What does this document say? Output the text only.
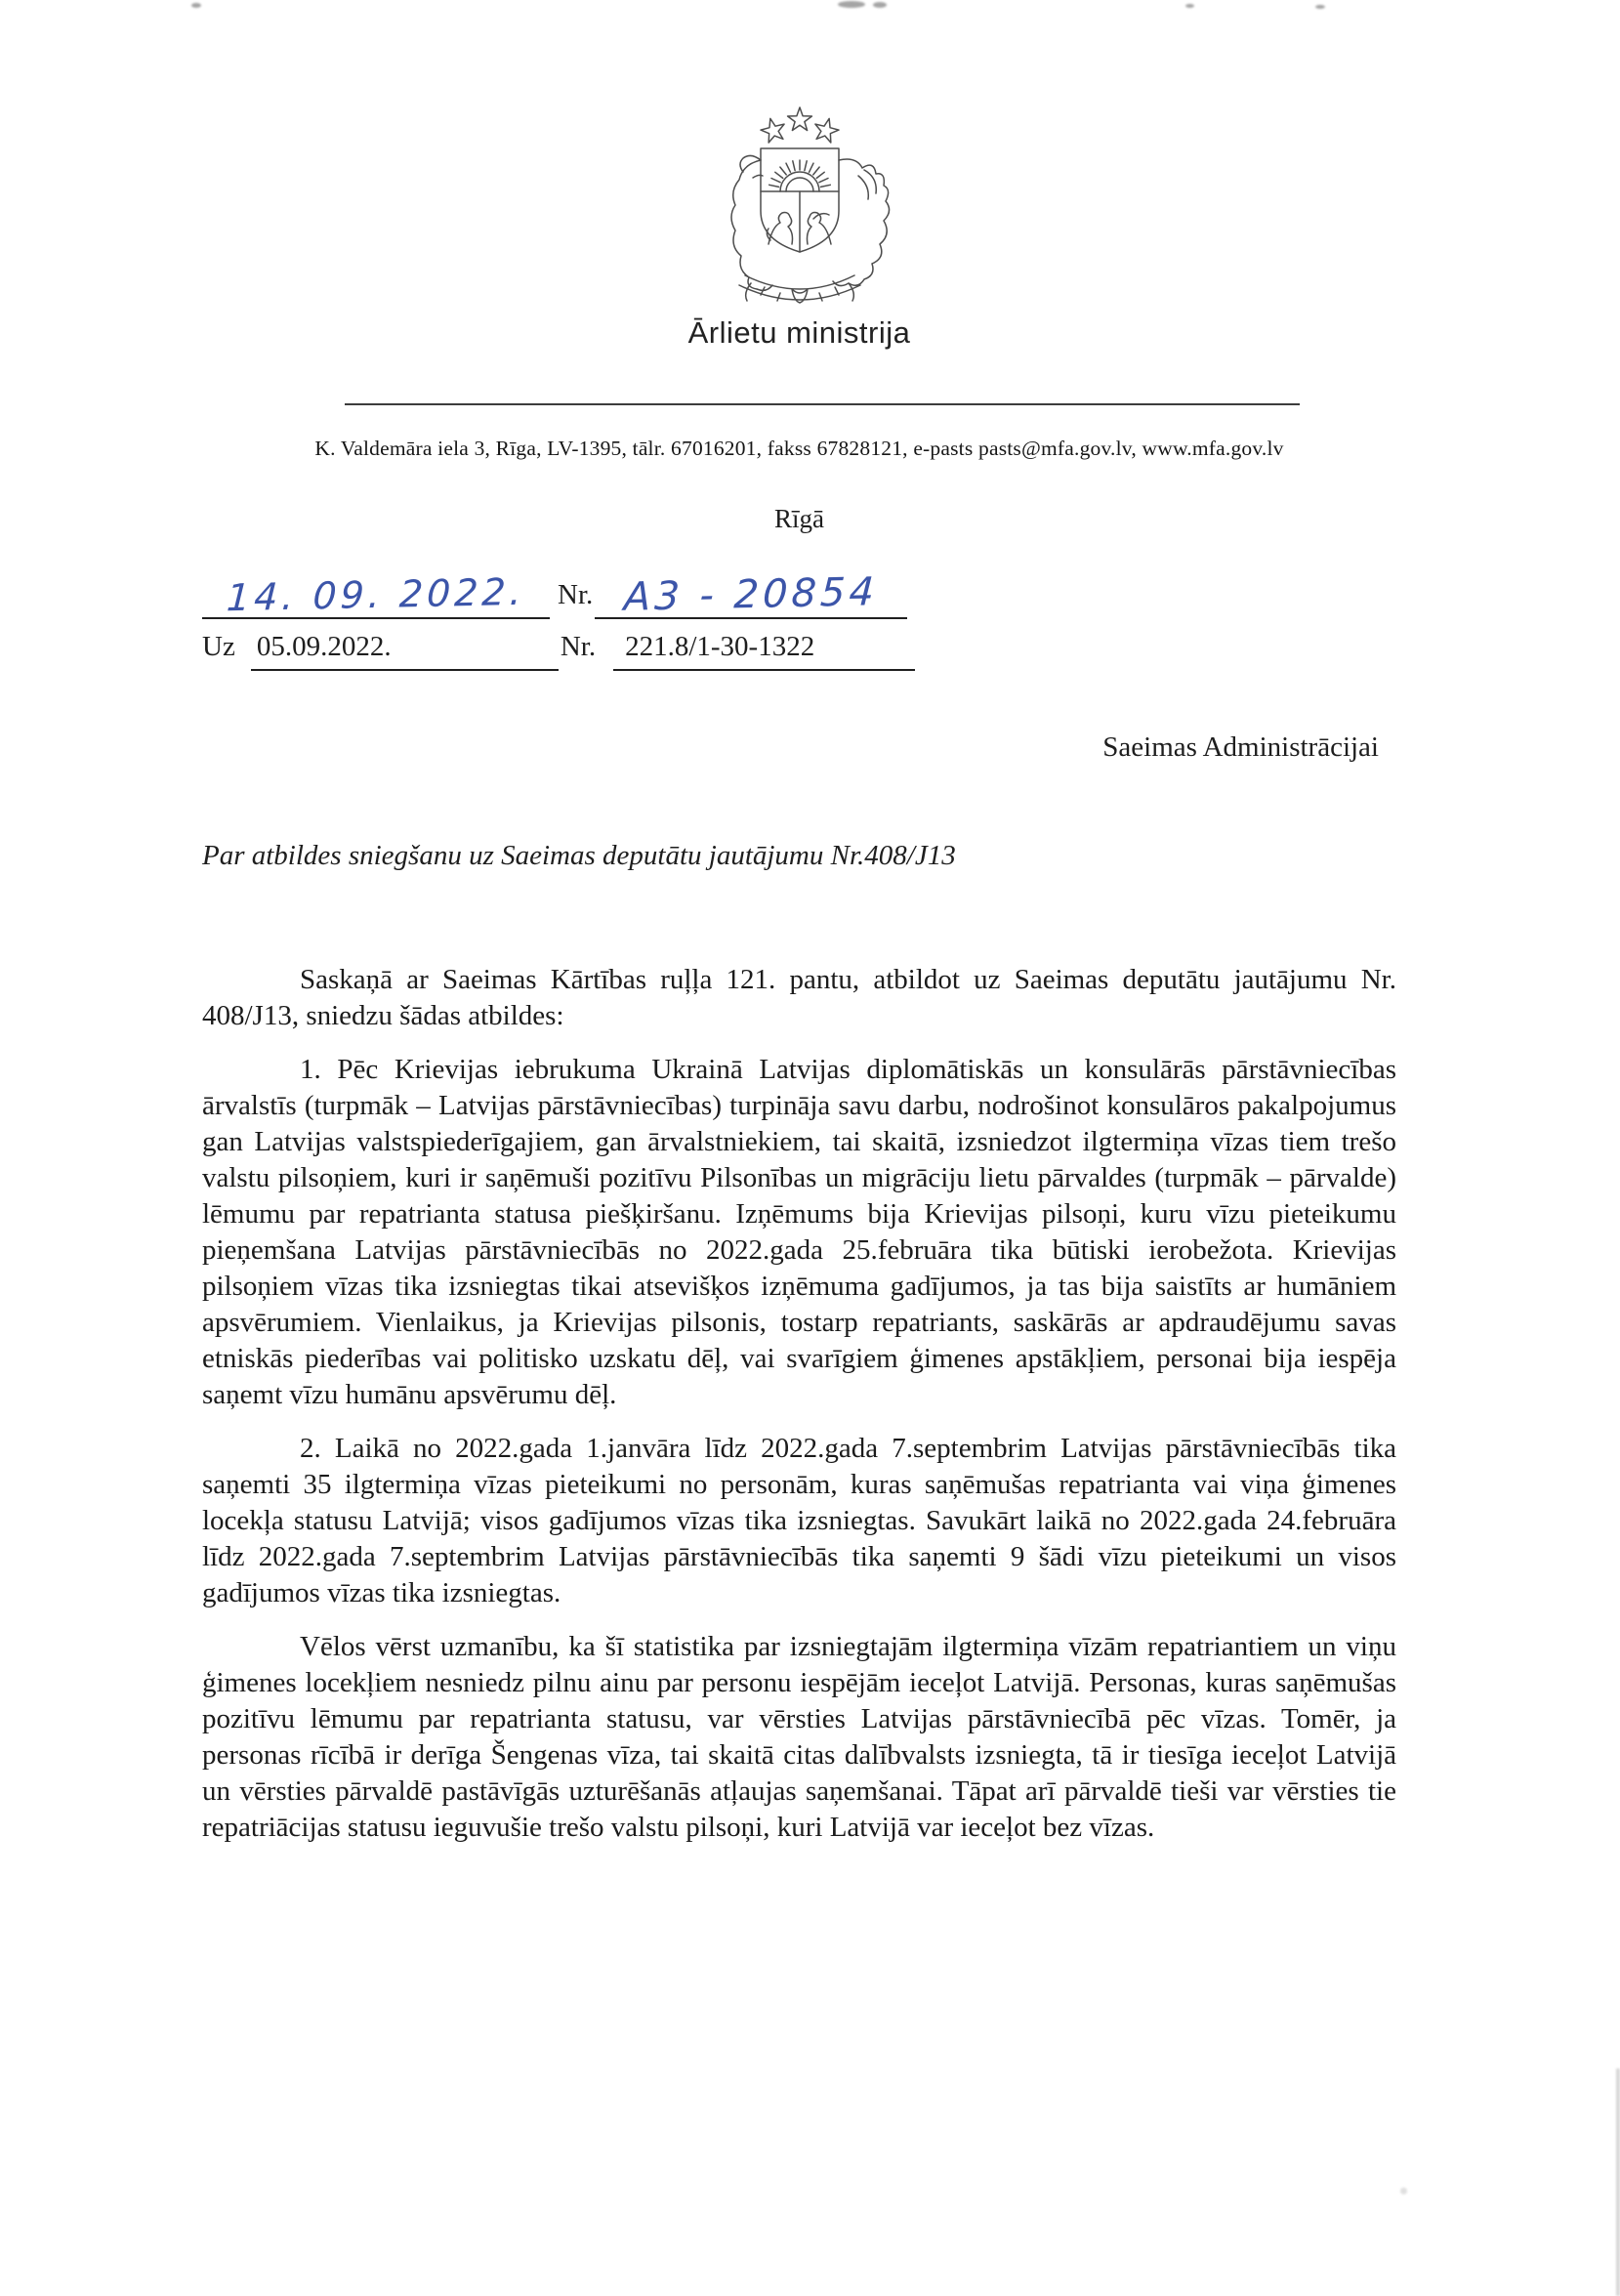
Ārlietu ministrija
K. Valdemāra iela 3, Rīga, LV-1395, tālr. 67016201, fakss 67828121, e-pasts pasts@mfa.gov.lv, www.mfa.gov.lv
Rīgā
14. 09. 2022. Nr. A3 - 20854
Uz 05.09.2022.	Nr. 221.8/1-30-1322
Saeimas Administrācijai
Par atbildes sniegšanu uz Saeimas deputātu jautājumu Nr.408/J13

Saskaņā ar Saeimas Kārtības ruļļa 121. pantu, atbildot uz Saeimas deputātu jautājumu Nr. 408/J13, sniedzu šādas atbildes:

1. Pēc Krievijas iebrukuma Ukrainā Latvijas diplomātiskās un konsulārās pārstāvniecības ārvalstīs (turpmāk – Latvijas pārstāvniecības) turpināja savu darbu, nodrošinot konsulāros pakalpojumus gan Latvijas valstspiederīgajiem, gan ārvalstniekiem, tai skaitā, izsniedzot ilgtermiņa vīzas tiem trešo valstu pilsoņiem, kuri ir saņēmuši pozitīvu Pilsonības un migrāciju lietu pārvaldes (turpmāk – pārvalde) lēmumu par repatrianta statusa piešķiršanu. Izņēmums bija Krievijas pilsoņi, kuru vīzu pieteikumu pieņemšana Latvijas pārstāvniecībās no 2022.gada 25.februāra tika būtiski ierobežota. Krievijas pilsoņiem vīzas tika izsniegtas tikai atsevišķos izņēmuma gadījumos, ja tas bija saistīts ar humāniem apsvērumiem. Vienlaikus, ja Krievijas pilsonis, tostarp repatriants, saskārās ar apdraudējumu savas etniskās piederības vai politisko uzskatu dēļ, vai svarīgiem ģimenes apstākļiem, personai bija iespēja saņemt vīzu humānu apsvērumu dēļ.

2. Laikā no 2022.gada 1.janvāra līdz 2022.gada 7.septembrim Latvijas pārstāvniecībās tika saņemti 35 ilgtermiņa vīzas pieteikumi no personām, kuras saņēmušas repatrianta vai viņa ģimenes locekļa statusu Latvijā; visos gadījumos vīzas tika izsniegtas. Savukārt laikā no 2022.gada 24.februāra līdz 2022.gada 7.septembrim Latvijas pārstāvniecībās tika saņemti 9 šādi vīzu pieteikumi un visos gadījumos vīzas tika izsniegtas.

Vēlos vērst uzmanību, ka šī statistika par izsniegtajām ilgtermiņa vīzām repatriantiem un viņu ģimenes locekļiem nesniedz pilnu ainu par personu iespējām ieceļot Latvijā. Personas, kuras saņēmušas pozitīvu lēmumu par repatrianta statusu, var vērsties Latvijas pārstāvniecībā pēc vīzas. Tomēr, ja personas rīcībā ir derīga Šengenas vīza, tai skaitā citas dalībvalsts izsniegta, tā ir tiesīga ieceļot Latvijā un vērsties pārvaldē pastāvīgās uzturēšanās atļaujas saņemšanai. Tāpat arī pārvaldē tieši var vērsties tie repatriācijas statusu ieguvušie trešo valstu pilsoņi, kuri Latvijā var ieceļot bez vīzas.
